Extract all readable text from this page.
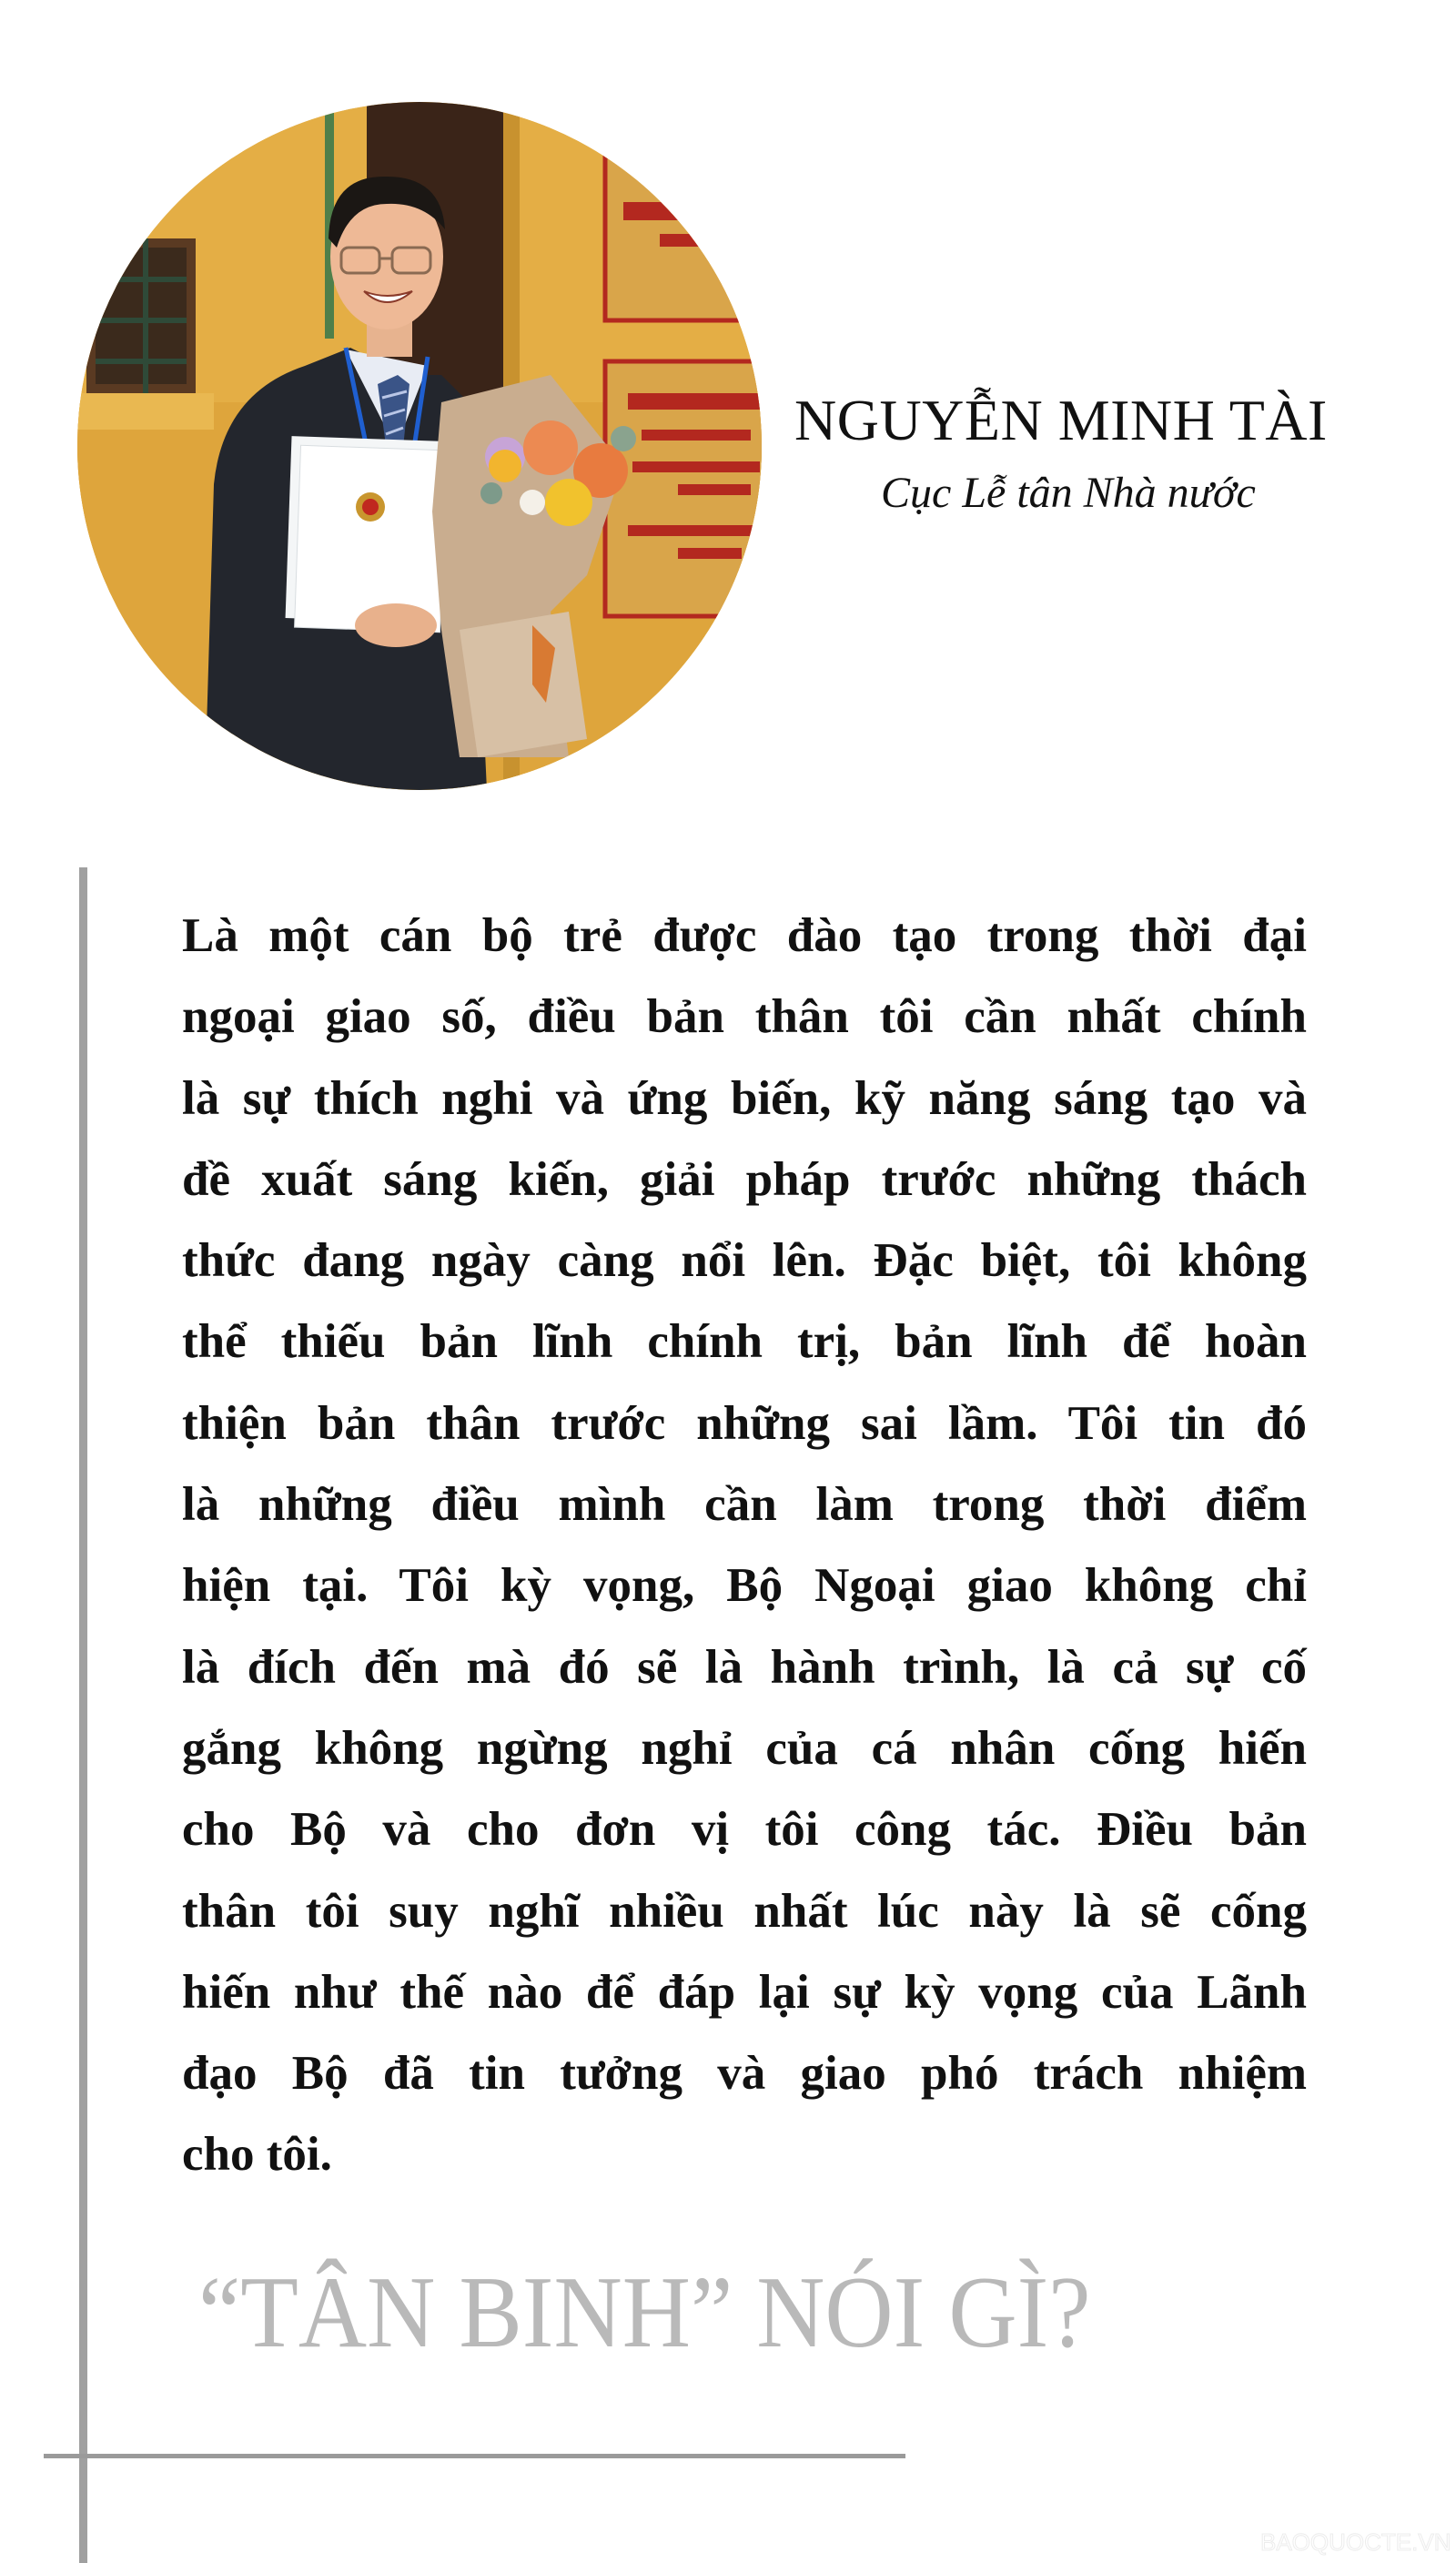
NGUYỄN MINH TÀI
Cục Lễ tân Nhà nước
Là một cán bộ trẻ được đào tạo trong thời đại
ngoại giao số, điều bản thân tôi cần nhất chính
là sự thích nghi và ứng biến, kỹ năng sáng tạo và
đề xuất sáng kiến, giải pháp trước những thách
thức đang ngày càng nổi lên. Đặc biệt, tôi không
thể thiếu bản lĩnh chính trị, bản lĩnh để hoàn
thiện bản thân trước những sai lầm. Tôi tin đó
là những điều mình cần làm trong thời điểm
hiện tại. Tôi kỳ vọng, Bộ Ngoại giao không chỉ
là đích đến mà đó sẽ là hành trình, là cả sự cố
gắng không ngừng nghỉ của cá nhân cống hiến
cho Bộ và cho đơn vị tôi công tác. Điều bản
thân tôi suy nghĩ nhiều nhất lúc này là sẽ cống
hiến như thế nào để đáp lại sự kỳ vọng của Lãnh
đạo Bộ đã tin tưởng và giao phó trách nhiệm
cho tôi.
“TÂN BINH” NÓI GÌ?
BAOQUOCTE.VN
